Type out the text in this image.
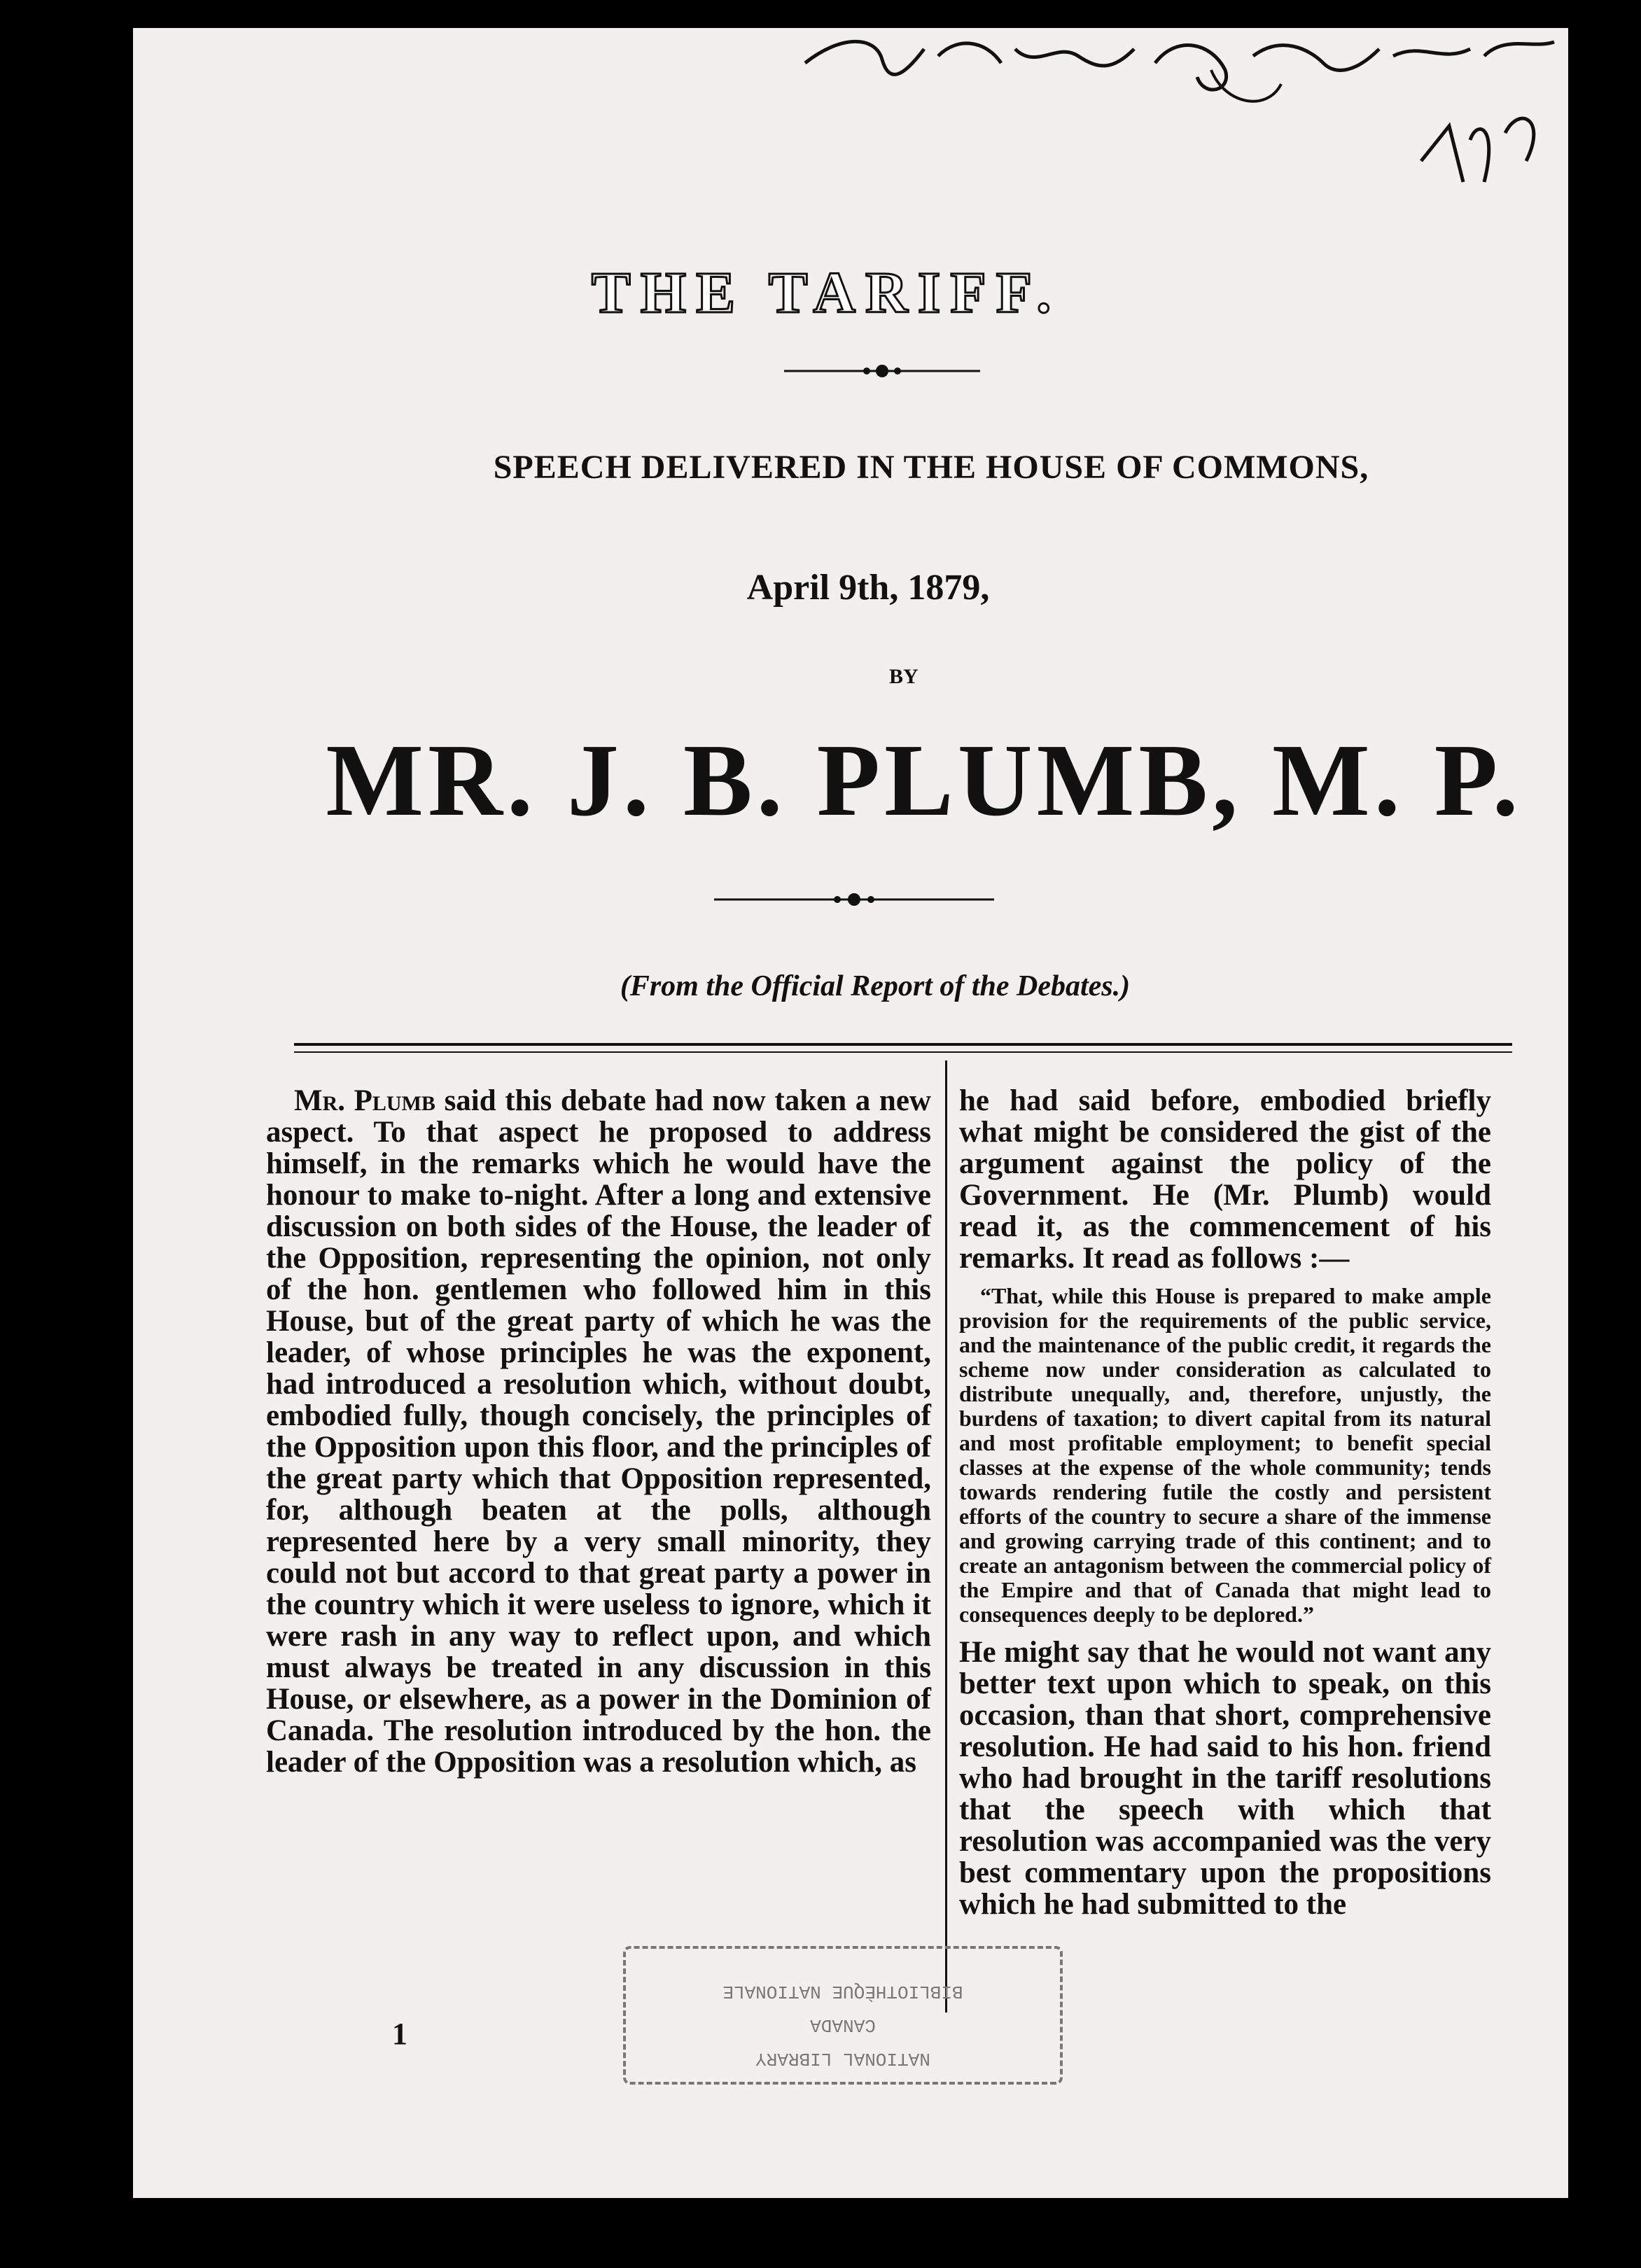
THE TARIFF.
SPEECH DELIVERED IN THE HOUSE OF COMMONS,
April 9th, 1879,
BY
MR. J. B. PLUMB, M. P.
(From the Official Report of the Debates.)

Mr. Plumb said this debate had now taken a new aspect. To that aspect he proposed to address himself, in the remarks which he would have the honour to make to-night. After a long and extensive discussion on both sides of the House, the leader of the Opposition, representing the opinion, not only of the hon. gentlemen who followed him in this House, but of the great party of which he was the leader, of whose principles he was the exponent, had introduced a resolution which, without doubt, embodied fully, though concisely, the principles of the Opposition upon this floor, and the principles of the great party which that Opposition represented, for, although beaten at the polls, although represented here by a very small minority, they could not but accord to that great party a power in the country which it were useless to ignore, which it were rash in any way to reflect upon, and which must always be treated in any discussion in this House, or elsewhere, as a power in the Dominion of Canada. The resolution introduced by the hon. the leader of the Opposition was a resolution which, as

he had said before, embodied briefly what might be considered the gist of the argument against the policy of the Government. He (Mr. Plumb) would read it, as the commencement of his remarks. It read as follows :—

“That, while this House is prepared to make ample provision for the requirements of the public service, and the maintenance of the public credit, it regards the scheme now under consideration as calculated to distribute unequally, and, therefore, unjustly, the burdens of taxation; to divert capital from its natural and most profitable employment; to benefit special classes at the expense of the whole community; tends towards rendering futile the costly and persistent efforts of the country to secure a share of the immense and growing carrying trade of this continent; and to create an antagonism between the commercial policy of the Empire and that of Canada that might lead to consequences deeply to be deplored.”

He might say that he would not want any better text upon which to speak, on this occasion, than that short, comprehensive resolution. He had said to his hon. friend who had brought in the tariff resolutions that the speech with which that resolution was accompanied was the very best commentary upon the propositions which he had submitted to the

1
NATIONAL LIBRARY
CANADA
BIBLIOTHÈQUE NATIONALE
